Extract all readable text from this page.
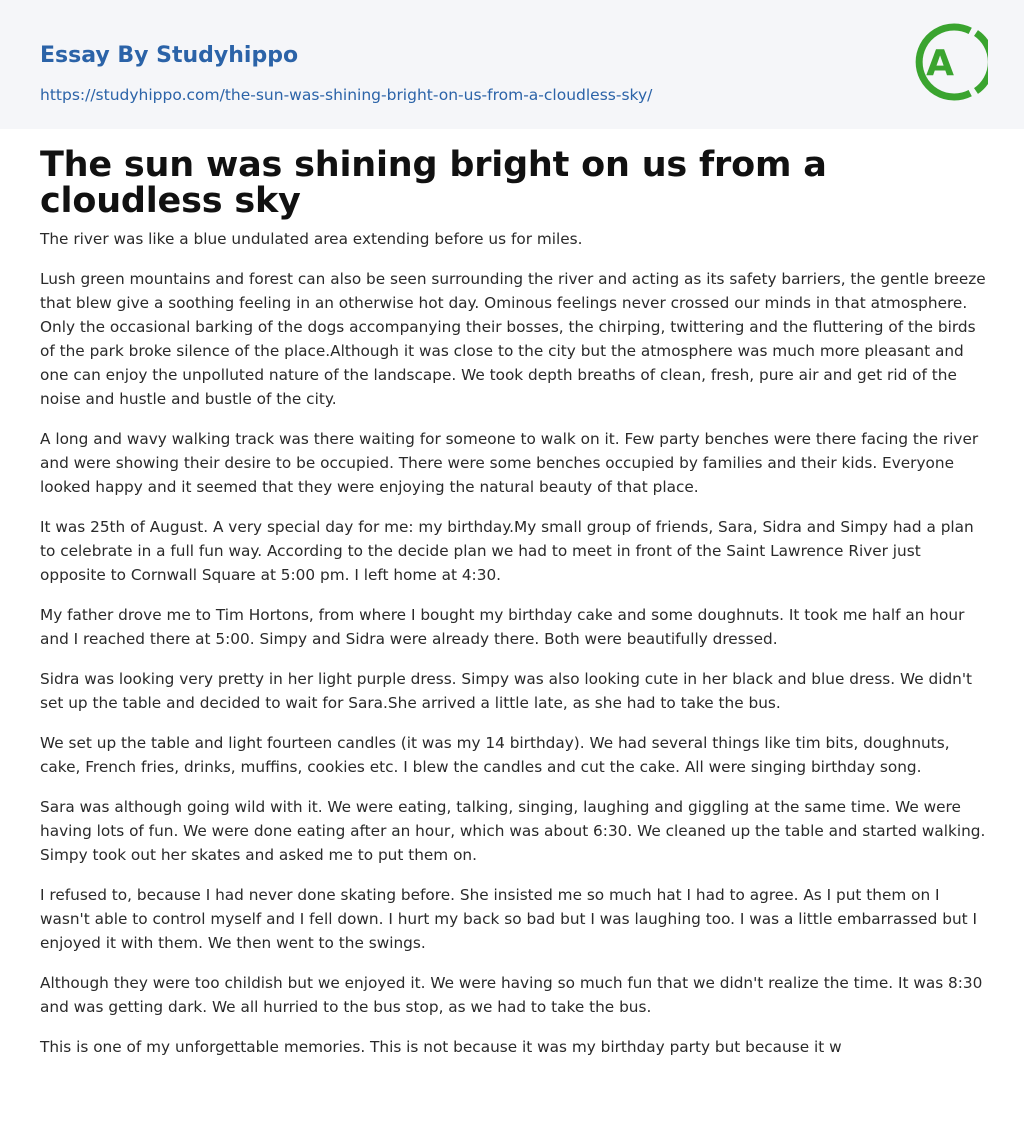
Essay By Studyhippo
https://studyhippo.com/the-sun-was-shining-bright-on-us-from-a-cloudless-sky/
A
The sun was shining bright on us from a cloudless sky

The river was like a blue undulated area extending before us for miles.

Lush green mountains and forest can also be seen surrounding the river and acting as its safety barriers, the gentle breeze that blew give a soothing feeling in an otherwise hot day. Ominous feelings never crossed our minds in that atmosphere. Only the occasional barking of the dogs accompanying their bosses, the chirping, twittering and the fluttering of the birds of the park broke silence of the place.Although it was close to the city but the atmosphere was much more pleasant and one can enjoy the unpolluted nature of the landscape. We took depth breaths of clean, fresh, pure air and get rid of the noise and hustle and bustle of the city.

A long and wavy walking track was there waiting for someone to walk on it. Few party benches were there facing the river and were showing their desire to be occupied. There were some benches occupied by families and their kids. Everyone looked happy and it seemed that they were enjoying the natural beauty of that place.

It was 25th of August. A very special day for me: my birthday.My small group of friends, Sara, Sidra and Simpy had a plan to celebrate in a full fun way. According to the decide plan we had to meet in front of the Saint Lawrence River just opposite to Cornwall Square at 5:00 pm. I left home at 4:30.

My father drove me to Tim Hortons, from where I bought my birthday cake and some doughnuts. It took me half an hour and I reached there at 5:00. Simpy and Sidra were already there. Both were beautifully dressed.

Sidra was looking very pretty in her light purple dress. Simpy was also looking cute in her black and blue dress. We didn't set up the table and decided to wait for Sara.She arrived a little late, as she had to take the bus.

We set up the table and light fourteen candles (it was my 14 birthday). We had several things like tim bits, doughnuts, cake, French fries, drinks, muffins, cookies etc. I blew the candles and cut the cake. All were singing birthday song.

Sara was although going wild with it. We were eating, talking, singing, laughing and giggling at the same time. We were having lots of fun. We were done eating after an hour, which was about 6:30. We cleaned up the table and started walking. Simpy took out her skates and asked me to put them on.

I refused to, because I had never done skating before. She insisted me so much hat I had to agree. As I put them on I wasn't able to control myself and I fell down. I hurt my back so bad but I was laughing too. I was a little embarrassed but I enjoyed it with them. We then went to the swings.

Although they were too childish but we enjoyed it. We were having so much fun that we didn't realize the time. It was 8:30 and was getting dark. We all hurried to the bus stop, as we had to take the bus.

This is one of my unforgettable memories. This is not because it was my birthday party but because it w
